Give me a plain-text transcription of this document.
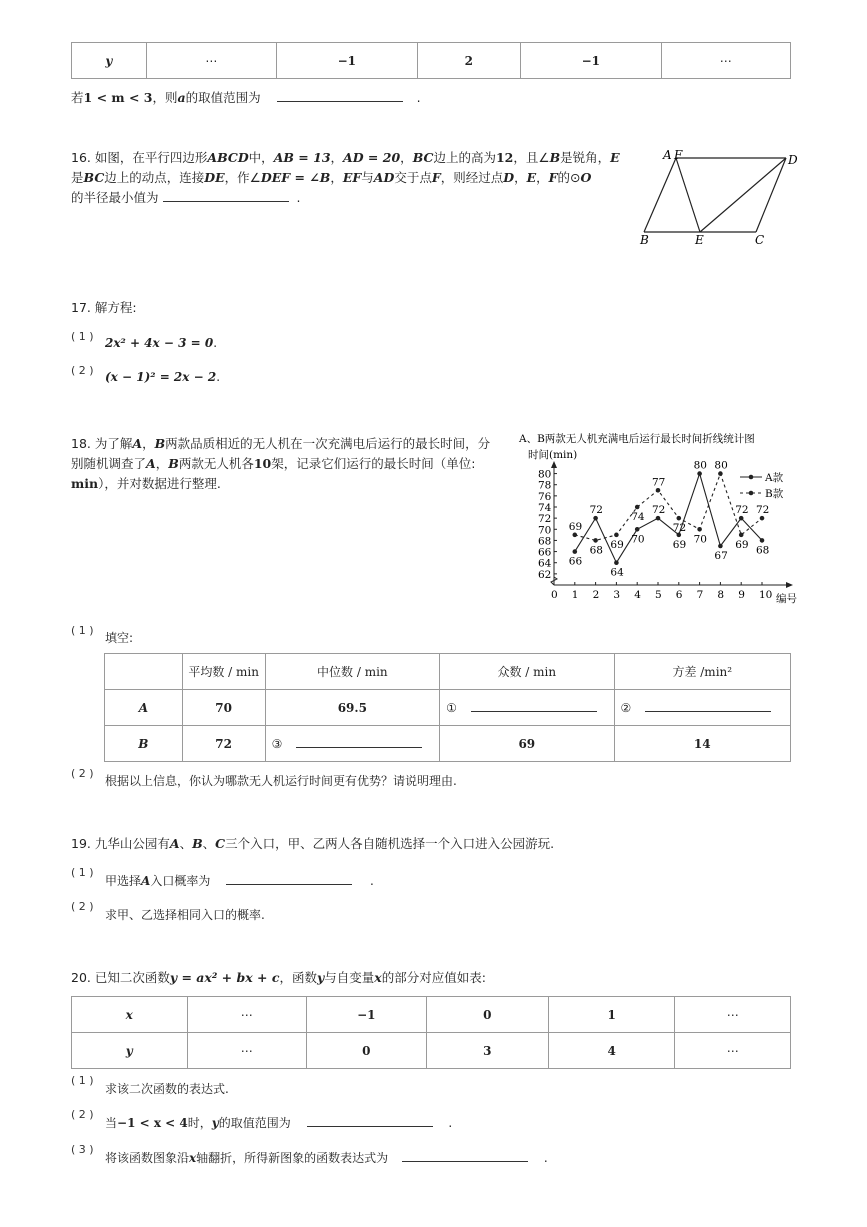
y	⋯	−1	2	−1	⋯
若1 < m < 3，则a的取值范围为	.
16. 如图，在平行四边形ABCD中，AB = 13，AD = 20，BC边上的高为12，且∠B是锐角，E
是BC边上的动点，连接DE，作∠DEF = ∠B，EF与AD交于点F，则经过点D，E，F的⊙O
的半径最小值为	.
A F	D
B	E	C
17. 解方程:
( 1 ) 2x² + 4x − 3 = 0.
( 2 ) (x − 1)² = 2x − 2.
18. 为了解A，B两款品质相近的无人机在一次充满电后运行的最长时间，分
别随机调查了A，B两款无人机各10架，记录它们运行的最长时间（单位:
min），并对数据进行整理.
A、B两款无人机充满电后运行最长时间折线统计图
时间(min)
编号
0 1 2 3 4 5 6 7 8 9 10
62
64
66
68
70
72
74
76
78
80
66
72
64
70
72
69
80
67
72
68
69
68 69
74
77
72
70
80
69
72
A款
B款
( 1 )
填空:
	平均数 / min	中位数 / min	众数 / min	方差 /min²
A	70	69.5	①	②
B	72	③	69	14
( 2 )
根据以上信息，你认为哪款无人机运行时间更有优势？请说明理由.
19. 九华山公园有A、B、C三个入口，甲、乙两人各自随机选择一个入口进入公园游玩.
( 1 )
甲选择A入口概率为	.
( 2 )
求甲、乙选择相同入口的概率.
20. 已知二次函数y = ax² + bx + c，函数y与自变量x的部分对应值如表:
x	⋯	−1	0	1	⋯
y	⋯	0	3	4	⋯
( 1 )
求该二次函数的表达式.
( 2 )
当−1 < x < 4时，y的取值范围为	.
( 3 )
将该函数图象沿x轴翻折，所得新图象的函数表达式为	.
